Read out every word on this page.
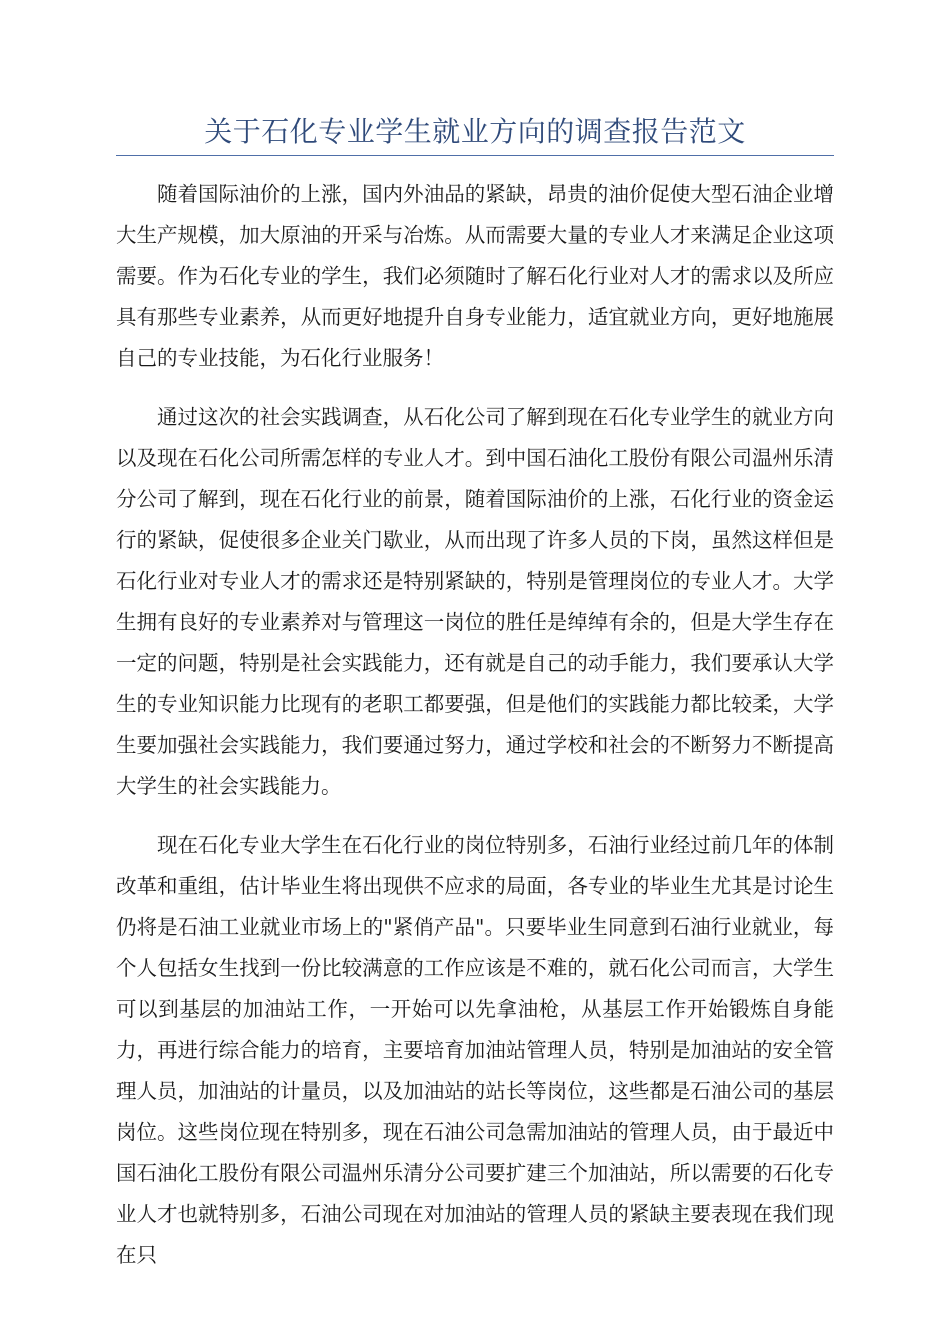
关于石化专业学生就业方向的调查报告范文

随着国际油价的上涨，国内外油品的紧缺，昂贵的油价促使大型石油企业增大生产规模，加大原油的开采与冶炼。从而需要大量的专业人才来满足企业这项需要。作为石化专业的学生，我们必须随时了解石化行业对人才的需求以及所应具有那些专业素养，从而更好地提升自身专业能力，适宜就业方向，更好地施展自己的专业技能，为石化行业服务！

通过这次的社会实践调查，从石化公司了解到现在石化专业学生的就业方向以及现在石化公司所需怎样的专业人才。到中国石油化工股份有限公司温州乐清分公司了解到，现在石化行业的前景，随着国际油价的上涨，石化行业的资金运行的紧缺，促使很多企业关门歇业，从而出现了许多人员的下岗，虽然这样但是石化行业对专业人才的需求还是特别紧缺的，特别是管理岗位的专业人才。大学生拥有良好的专业素养对与管理这一岗位的胜任是绰绰有余的，但是大学生存在一定的问题，特别是社会实践能力，还有就是自己的动手能力，我们要承认大学生的专业知识能力比现有的老职工都要强，但是他们的实践能力都比较柔，大学生要加强社会实践能力，我们要通过努力，通过学校和社会的不断努力不断提高大学生的社会实践能力。

现在石化专业大学生在石化行业的岗位特别多，石油行业经过前几年的体制改革和重组，估计毕业生将出现供不应求的局面，各专业的毕业生尤其是讨论生仍将是石油工业就业市场上的"紧俏产品"。只要毕业生同意到石油行业就业，每个人包括女生找到一份比较满意的工作应该是不难的，就石化公司而言，大学生可以到基层的加油站工作，一开始可以先拿油枪，从基层工作开始锻炼自身能力，再进行综合能力的培育，主要培育加油站管理人员，特别是加油站的安全管理人员，加油站的计量员，以及加油站的站长等岗位，这些都是石油公司的基层岗位。这些岗位现在特别多，现在石油公司急需加油站的管理人员，由于最近中国石油化工股份有限公司温州乐清分公司要扩建三个加油站，所以需要的石化专业人才也就特别多，石油公司现在对加油站的管理人员的紧缺主要表现在我们现在只
